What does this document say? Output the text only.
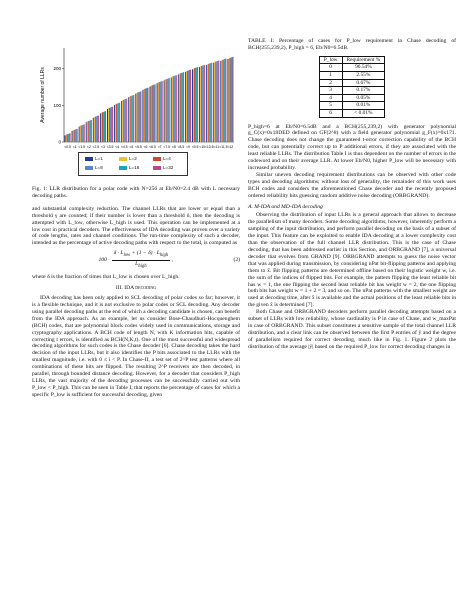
0
100
200
Average number of LLRs
<0.5 <1 <1.5 <2 <2.5 <3 <3.5 <4 <4.5 <5 <5.5 <6 <6.5 <7 <7.5 <8 <8.5 <9 <9.5 <10 <10.5 <11 <11.5 <12
L=1	L=2	L=4
L=8	L=16	L=32
Fig. 1: LLR distribution for a polar code with N=256 at Eb/N0=2.4 dB with L necessary decoding paths.

and substantial complexity reduction. The channel LLRs that are lower or equal than a threshold γ are counted; if their number is lower than a threshold δ, then the decoding is attempted with L_low, otherwise L_high is used. This operation can be implemented at a low cost in practical decoders. The effectiveness of IDA decoding was proven over a variety of code lengths, rates and channel conditions. The run-time complexity of such a decoder, intended as the percentage of active decoding paths with respect to the total, is computed as

$100 \cdot \frac{\delta \cdot L_{low} + (1 - \delta) \cdot L_{high}}{L_{high}}$ ,	(2)

where δ is the fraction of times that L_low is chosen over L_high.

III. IDA decoding

IDA decoding has been only applied to SCL decoding of polar codes so far; however, it is a flexible technique, and it is not exclusive to polar codes or SCL decoding. Any decoder using parallel decoding paths at the end of which a decoding candidate is chosen, can benefit from the IDA approach. As an example, let us consider Bose-Chaudhuri-Hocquenghem (BCH) codes, that are polynomial block codes widely used in communications, storage and cryptography applications. A BCH code of length N, with K information bits, capable of correcting t errors, is identified as BCH(N,K,t). One of the most successful and widespread decoding algorithms for such codes is the Chase decoder [6]. Chase decoding takes the hard decision of the input LLRs, but it also identifies the P bits associated to the LLRs with the smallest magnitude, i.e. with 0 ≤ i < P. In Chase-II, a test set of 2^P test patterns where all combinations of these bits are flipped. The resulting 2^P receivers are then decoded, in parallel, through bounded distance decoding. However, for a decoder that considers P_high LLRs, the vast majority of the decoding processes can be successfully carried out with P_low < P_high. This can be seen in Table I, that reports the percentage of cases for which a specific P_low is sufficient for successful decoding, given

TABLE I: Percentage of cases for P_low requirement in Chase decoding of BCH(255,239,2), P_high = 6, Eb/N0=6.5dB.
P_low	Requirement %
0	96.54%
1	2.55%
2	0.67%
3	0.17%
4	0.05%
5	0.01%
6	< 0.01%

P_high=6 at Eb/N0=6.5dB and a BCH(255,239,2) with generator polynomial g_C(x)=0x18DED defined on GF(2^8) with a field generator polynomial g_F(x)=0x171. Chase decoding does not change the guaranteed t-error correction capability of the BCH code, but can potentially correct up to P additional errors, if they are associated with the least reliable LLRs. The distribution Table I is thus dependent on the number of errors in the codeword and on their average LLR. At lower Eb/N0, higher P_low will be necessary with increased probability.

Similar uneven decoding requirement distributions can be observed with other code types and decoding algorithms; without loss of generality, the remainder of this work uses BCH codes and considers the aforementioned Chase decoder and the recently proposed ordered reliability bits guessing random additive noise decoding (ORBGRAND).

A. M-IDA and MD-IDA decoding

Observing the distribution of input LLRs is a general approach that allows to decrease the parallelism of many decoders. Some decoding algorithms, however, inherently perform a sampling of the input distribution, and perform parallel decoding on the basis of a subset of the input. This feature can be exploited to enable IDA decoding at a lower complexity cost than the observation of the full channel LLR distribution. This is the case of Chase decoding, that has been addressed earlier in this Section, and ORBGRAND [7], a universal decoder that evolves from GRAND [9]. ORBGRAND attempts to guess the noise vector that was applied during transmission, by considering nPat bit-flipping patterns and applying them to x̂. Bit flipping patterns are determined offline based on their logistic weight w, i.e. the sum of the indices of flipped bits. For example, the pattern flipping the least reliable bit has w = 1, the one flipping the second least reliable bit has weight w = 2, the one flipping both bits has weight w = 1 + 2 = 3, and so on. The nPat patterns with the smallest weight are used at decoding time, after x̂ is available and the actual positions of the least reliable bits in the given x̂ is determined [7].

Both Chase and ORBGRAND decoders perform parallel decoding attempts based on a subset of LLRs with low reliability, whose cardinality is P in case of Chase, and w_maxPat in case of ORBGRAND. This subset constitutes a sensitive sample of the total channel LLR distribution, and a clear link can be observed between the first P entries of ŷ and the degree of parallelism required for correct decoding, much like in Fig. 1. Figure 2 plots the distribution of the average |ŷ| based on the required P_low for correct decoding changes in
